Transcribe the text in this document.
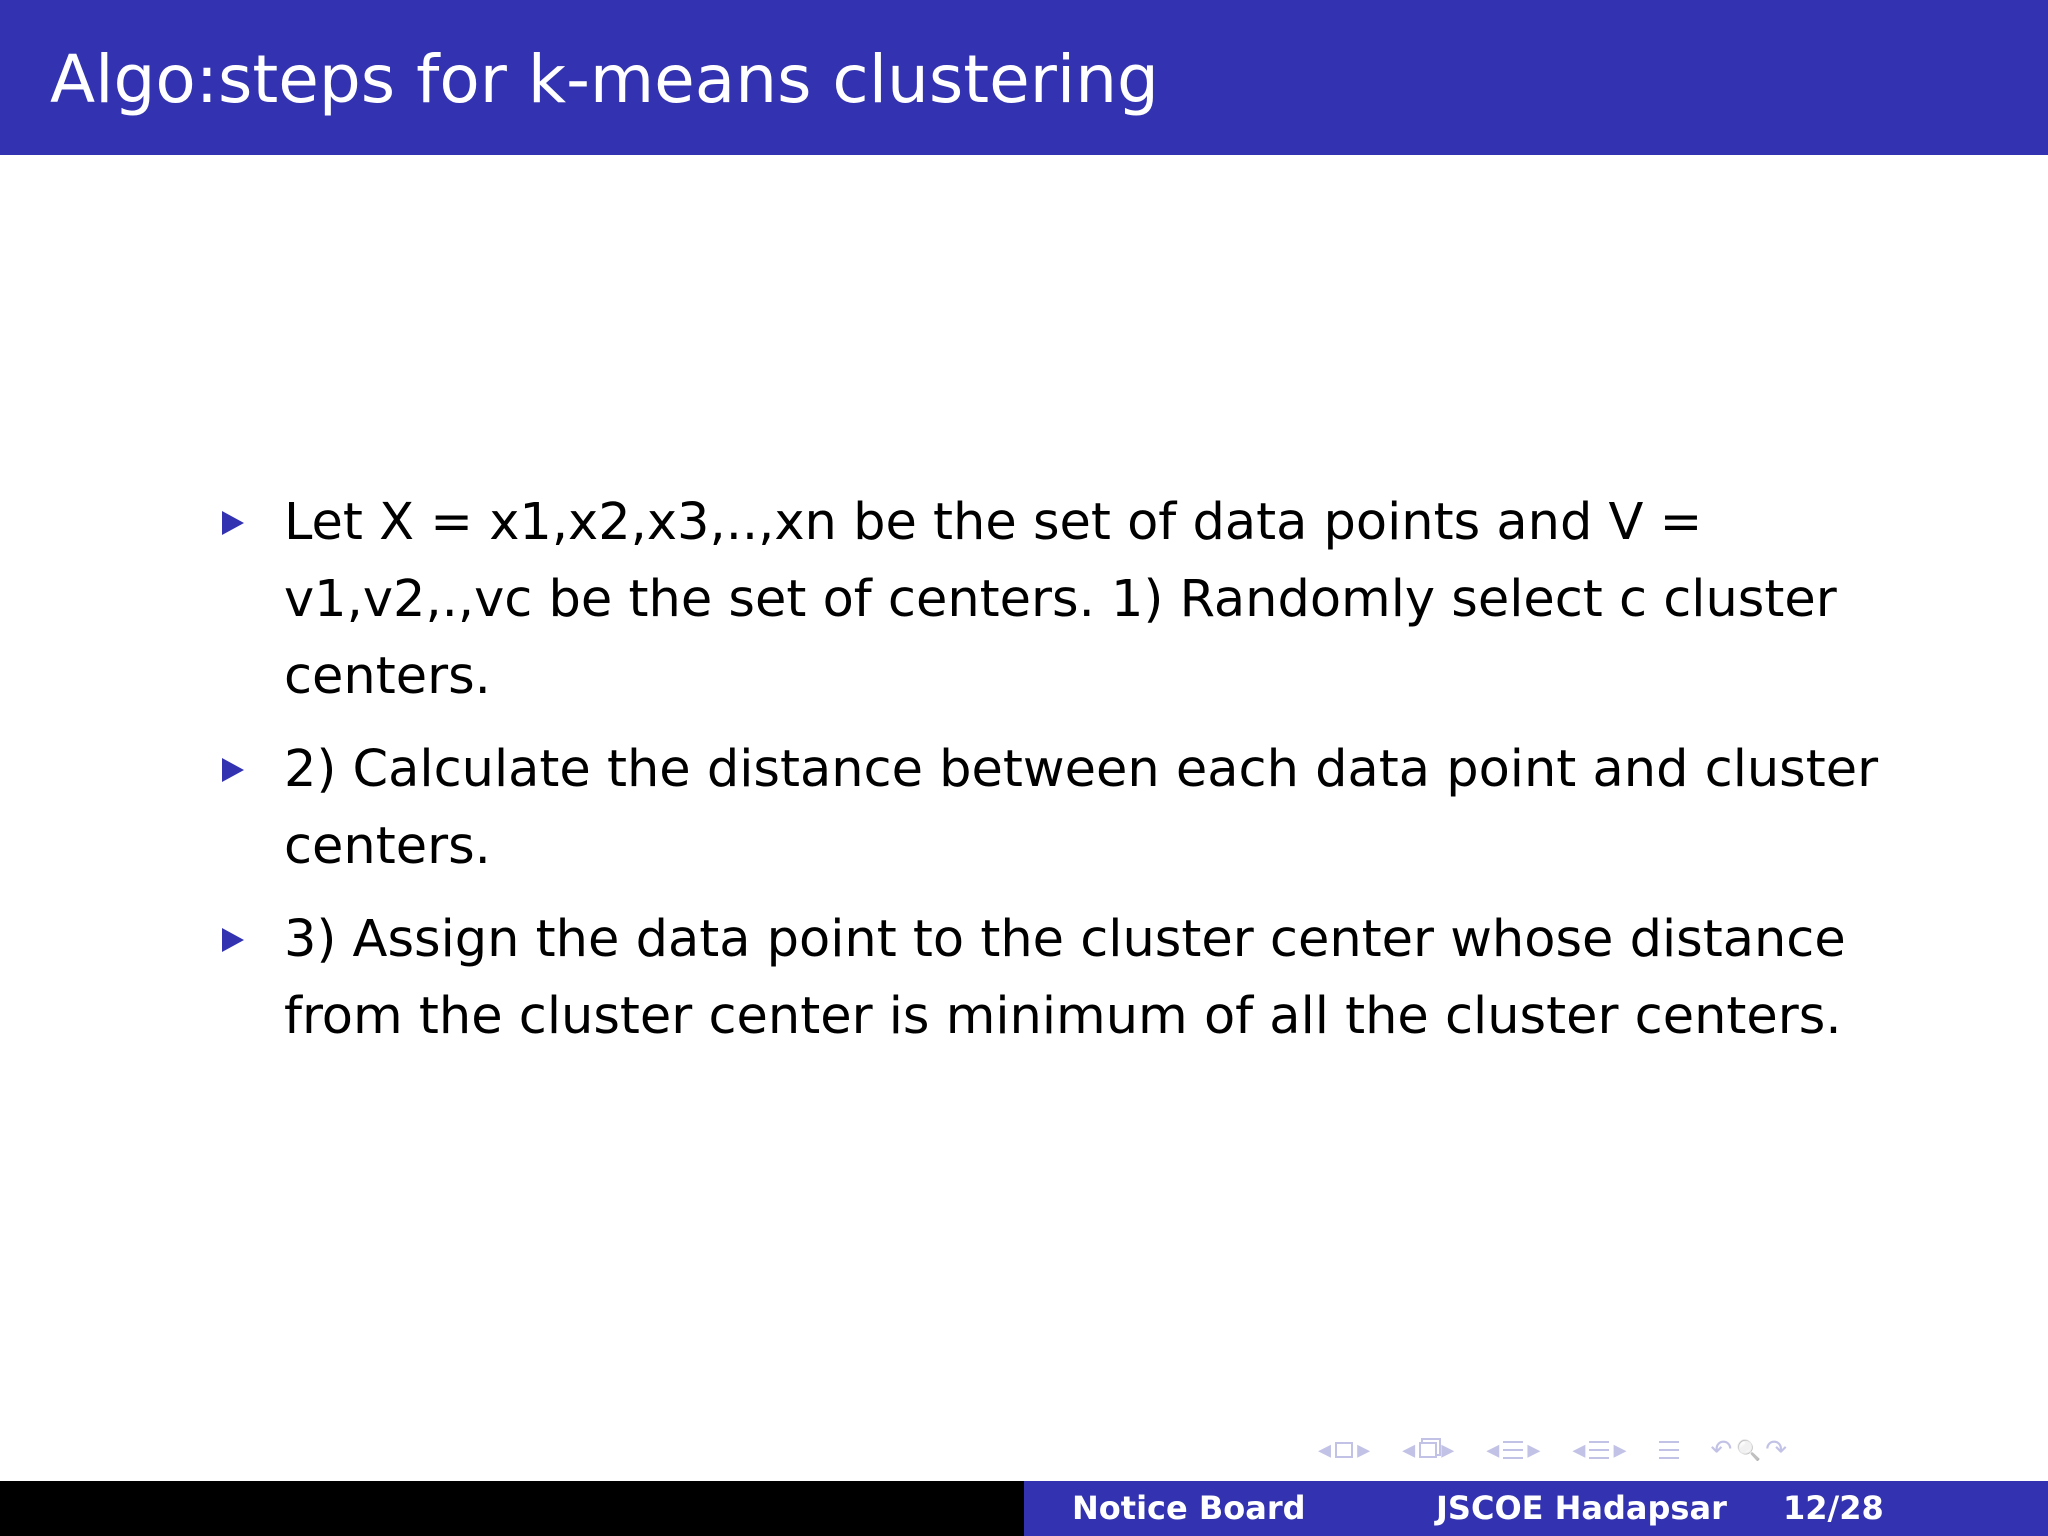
Algo:steps for k-means clustering
Let X = x1,x2,x3,..,xn be the set of data points and V = v1,v2,.,vc be the set of centers. 1) Randomly select c cluster centers.
2) Calculate the distance between each data point and cluster centers.
3) Assign the data point to the cluster center whose distance from the cluster center is minimum of all the cluster centers.
◂ ▸ ◂ ▸ ◂ ▸ ◂ ▸	↶ 🔍 ↷
Notice Board	JSCOE Hadapsar 12/28
